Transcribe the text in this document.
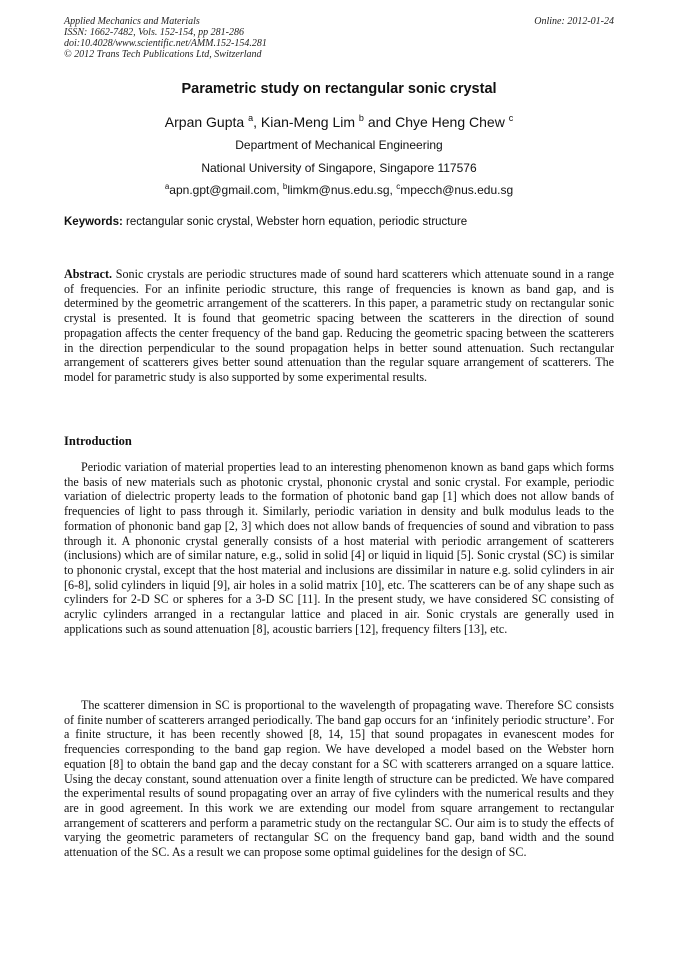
Applied Mechanics and Materials
ISSN: 1662-7482, Vols. 152-154, pp 281-286
doi:10.4028/www.scientific.net/AMM.152-154.281
© 2012 Trans Tech Publications Ltd, Switzerland
Online: 2012-01-24
Parametric study on rectangular sonic crystal
Arpan Gupta $^a$, Kian-Meng Lim $^b$ and Chye Heng Chew $^c$
Department of Mechanical Engineering
National University of Singapore, Singapore 117576
$^a$apn.gpt@gmail.com, $^b$limkm@nus.edu.sg, $^c$mpecch@nus.edu.sg
Keywords: rectangular sonic crystal, Webster horn equation, periodic structure

Abstract. Sonic crystals are periodic structures made of sound hard scatterers which attenuate sound in a range of frequencies. For an infinite periodic structure, this range of frequencies is known as band gap, and is determined by the geometric arrangement of the scatterers. In this paper, a parametric study on rectangular sonic crystal is presented. It is found that geometric spacing between the scatterers in the direction of sound propagation affects the center frequency of the band gap. Reducing the geometric spacing between the scatterers in the direction perpendicular to the sound propagation helps in better sound attenuation. Such rectangular arrangement of scatterers gives better sound attenuation than the regular square arrangement of scatterers. The model for parametric study is also supported by some experimental results.

Introduction

Periodic variation of material properties lead to an interesting phenomenon known as band gaps which forms the basis of new materials such as photonic crystal, phononic crystal and sonic crystal. For example, periodic variation of dielectric property leads to the formation of photonic band gap [1] which does not allow bands of frequencies of light to pass through it. Similarly, periodic variation in density and bulk modulus leads to the formation of phononic band gap [2, 3] which does not allow bands of frequencies of sound and vibration to pass through it. A phononic crystal generally consists of a host material with periodic arrangement of scatterers (inclusions) which are of similar nature, e.g., solid in solid [4] or liquid in liquid [5]. Sonic crystal (SC) is similar to phononic crystal, except that the host material and inclusions are dissimilar in nature e.g. solid cylinders in air [6-8], solid cylinders in liquid [9], air holes in a solid matrix [10], etc. The scatterers can be of any shape such as cylinders for 2-D SC or spheres for a 3-D SC [11]. In the present study, we have considered SC consisting of acrylic cylinders arranged in a rectangular lattice and placed in air. Sonic crystals are generally used in applications such as sound attenuation [8], acoustic barriers [12], frequency filters [13], etc.

The scatterer dimension in SC is proportional to the wavelength of propagating wave. Therefore SC consists of finite number of scatterers arranged periodically. The band gap occurs for an ‘infinitely periodic structure’. For a finite structure, it has been recently showed [8, 14, 15] that sound propagates in evanescent modes for frequencies corresponding to the band gap region. We have developed a model based on the Webster horn equation [8] to obtain the band gap and the decay constant for a SC with scatterers arranged on a square lattice. Using the decay constant, sound attenuation over a finite length of structure can be predicted. We have compared the experimental results of sound propagating over an array of five cylinders with the numerical results and they are in good agreement. In this work we are extending our model from square arrangement to rectangular arrangement of scatterers and perform a parametric study on the rectangular SC. Our aim is to study the effects of varying the geometric parameters of rectangular SC on the frequency band gap, band width and the sound attenuation of the SC. As a result we can propose some optimal guidelines for the design of SC.
